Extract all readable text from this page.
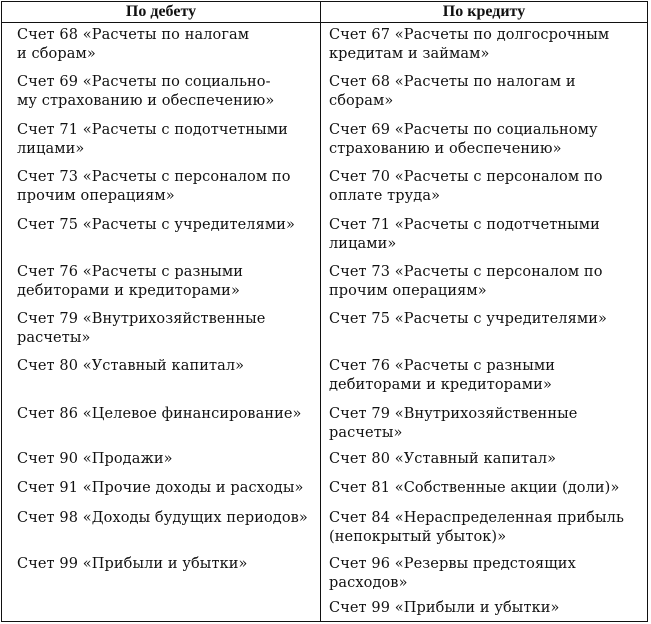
По дебету	По кредиту
Счет 68 «Расчеты по налогам
и сборам»
Счет 69 «Расчеты по социально-
му страхованию и обеспечению»
Счет 71 «Расчеты с подотчетными
лицами»
Счет 73 «Расчеты с персоналом по
прочим операциям»
Счет 75 «Расчеты с учредителями»
Счет 76 «Расчеты с разными
дебиторами и кредиторами»
Счет 79 «Внутрихозяйственные
расчеты»
Счет 80 «Уставный капитал»
Счет 86 «Целевое финансирование»
Счет 90 «Продажи»
Счет 91 «Прочие доходы и расходы»
Счет 98 «Доходы будущих периодов»
Счет 99 «Прибыли и убытки»
Счет 67 «Расчеты по долгосрочным
кредитам и займам»
Счет 68 «Расчеты по налогам и
сборам»
Счет 69 «Расчеты по социальному
страхованию и обеспечению»
Счет 70 «Расчеты с персоналом по
оплате труда»
Счет 71 «Расчеты с подотчетными
лицами»
Счет 73 «Расчеты с персоналом по
прочим операциям»
Счет 75 «Расчеты с учредителями»
Счет 76 «Расчеты с разными
дебиторами и кредиторами»
Счет 79 «Внутрихозяйственные
расчеты»
Счет 80 «Уставный капитал»
Счет 81 «Собственные акции (доли)»
Счет 84 «Нераспределенная прибыль
(непокрытый убыток)»
Счет 96 «Резервы предстоящих
расходов»
Счет 99 «Прибыли и убытки»
